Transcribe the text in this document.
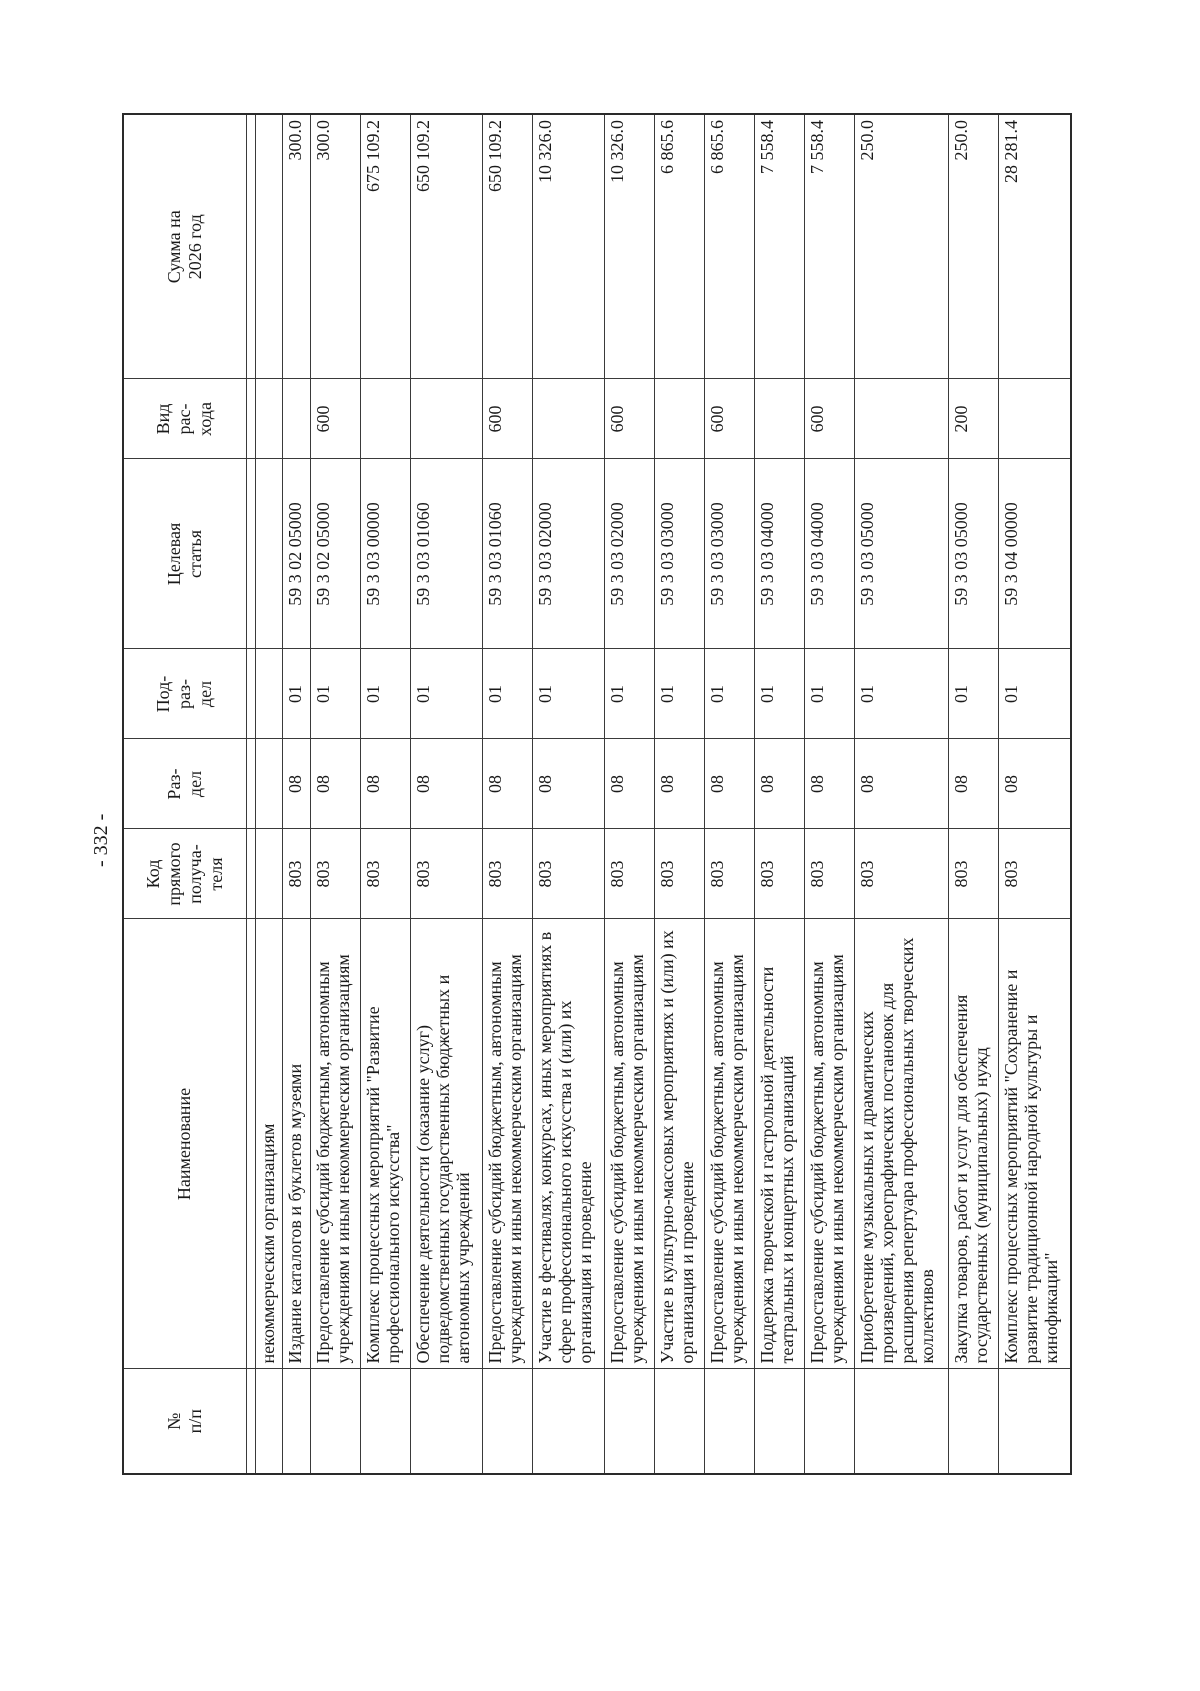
- 332 -
№ п/п	Наименование	Код прямого получа- теля	Раз- дел	Под- раз- дел	Целевая статья	Вид рас- хода	Сумма на 2026 год

	некоммерческим организациям						
	Издание каталогов и буклетов музеями	803	08	01	59 3 02 05000		300.0
	Предоставление субсидий бюджетным, автономным учреждениям и иным некоммерческим организациям	803	08	01	59 3 02 05000	600	300.0
	Комплекс процессных мероприятий "Развитие профессионального искусства"	803	08	01	59 3 03 00000		675 109.2
	Обеспечение деятельности (оказание услуг) подведомственных государственных бюджетных и автономных учреждений	803	08	01	59 3 03 01060		650 109.2
	Предоставление субсидий бюджетным, автономным учреждениям и иным некоммерческим организациям	803	08	01	59 3 03 01060	600	650 109.2
	Участие в фестивалях, конкурсах, иных мероприятиях в сфере профессионального искусства и (или) их организация и проведение	803	08	01	59 3 03 02000		10 326.0
	Предоставление субсидий бюджетным, автономным учреждениям и иным некоммерческим организациям	803	08	01	59 3 03 02000	600	10 326.0
	Участие в культурно-массовых мероприятиях и (или) их организация и проведение	803	08	01	59 3 03 03000		6 865.6
	Предоставление субсидий бюджетным, автономным учреждениям и иным некоммерческим организациям	803	08	01	59 3 03 03000	600	6 865.6
	Поддержка творческой и гастрольной деятельности театральных и концертных организаций	803	08	01	59 3 03 04000		7 558.4
	Предоставление субсидий бюджетным, автономным учреждениям и иным некоммерческим организациям	803	08	01	59 3 03 04000	600	7 558.4
	Приобретение музыкальных и драматических произведений, хореографических постановок для расширения репертуара профессиональных творческих коллективов	803	08	01	59 3 03 05000		250.0
	Закупка товаров, работ и услуг для обеспечения государственных (муниципальных) нужд	803	08	01	59 3 03 05000	200	250.0
	Комплекс процессных мероприятий "Сохранение и развитие традиционной народной культуры и кинофикации"	803	08	01	59 3 04 00000		28 281.4
